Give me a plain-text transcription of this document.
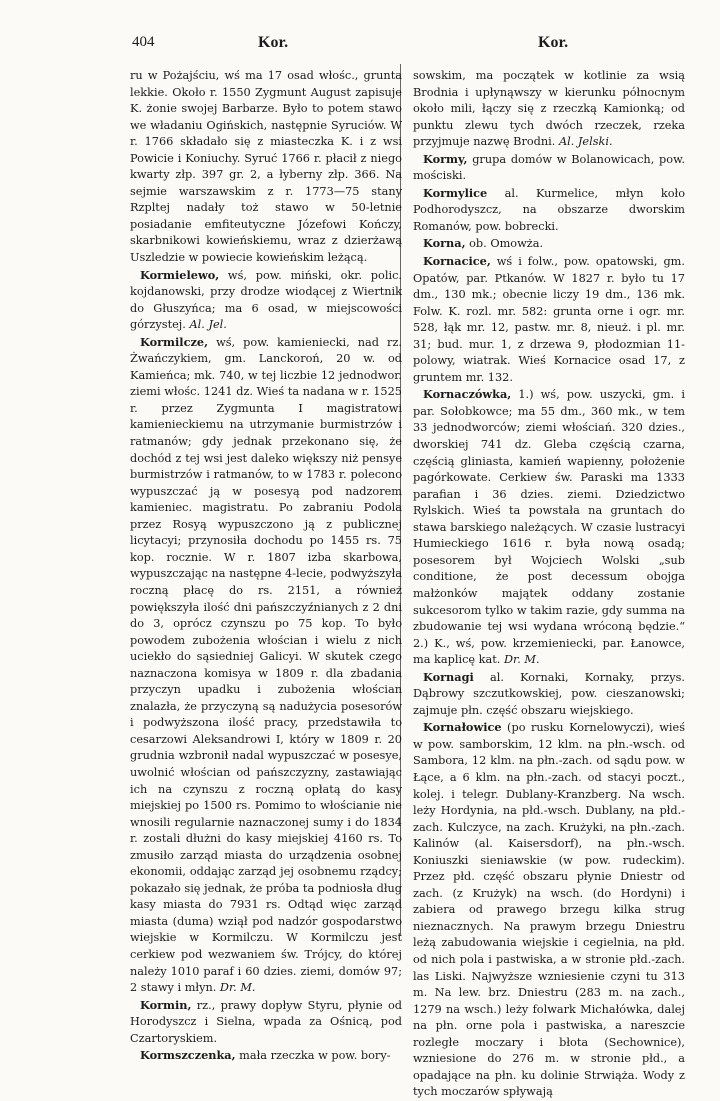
404	Kor.	Kor.

ru w Pożajściu, wś ma 17 osad włośc., grunta lekkie. Około r. 1550 Zygmunt August zapisuje K. żonie swojej Barbarze. Było to potem stawo we władaniu Ogińskich, następnie Syruciów. W r. 1766 składało się z miasteczka K. i z wsi Powicie i Koniuchy. Syruć 1766 r. płacił z niego kwarty złp. 397 gr. 2, a łyberny złp. 366. Na sejmie warszawskim z r. 1773—75 stany Rzpltej nadały toż stawo w 50-letnie posiadanie emfiteutyczne Józefowi Kończy, skarbnikowi kowieńskiemu, wraz z dzierżawą Uszledzie w powiecie kowieńskim leżącą.

Kormielewo, wś, pow. miński, okr. polic. kojdanowski, przy drodze wiodącej z Wiertnik do Głuszyńca; ma 6 osad, w miejscowości górzystej. Al. Jel.

Kormilcze, wś, pow. kamieniecki, nad rz. Żwańczykiem, gm. Lanckoroń, 20 w. od Kamieńca; mk. 740, w tej liczbie 12 jednodwor. ziemi włośc. 1241 dz. Wieś ta nadana w r. 1525 r. przez Zygmunta I magistratowi kamienieckiemu na utrzymanie burmistrzów i ratmanów; gdy jednak przekonano się, że dochód z tej wsi jest daleko większy niż pensye burmistrzów i ratmanów, to w 1783 r. polecono wypuszczać ją w posesyą pod nadzorem kamieniec. magistratu. Po zabraniu Podola przez Rosyą wypuszczono ją z publicznej licytacyi; przynosiła dochodu po 1455 rs. 75 kop. rocznie. W r. 1807 izba skarbowa, wypuszczając na następne 4-lecie, podwyższyła roczną płacę do rs. 2151, a również powiększyła ilość dni pańszczyźnianych z 2 dni do 3, oprócz czynszu po 75 kop. To było powodem zubożenia włościan i wielu z nich uciekło do sąsiedniej Galicyi. W skutek czego naznaczona komisya w 1809 r. dla zbadania przyczyn upadku i zubożenia włościan znalazła, że przyczyną są nadużycia posesorów i podwyższona ilość pracy, przedstawiła to cesarzowi Aleksandrowi I, który w 1809 r. 20 grudnia wzbronił nadal wypuszczać w posesye, uwolnić włościan od pańszczyzny, zastawiając ich na czynszu z roczną opłatą do kasy miejskiej po 1500 rs. Pomimo to włościanie nie wnosili regularnie naznaczonej sumy i do 1834 r. zostali dłużni do kasy miejskiej 4160 rs. To zmusiło zarząd miasta do urządzenia osobnej ekonomii, oddając zarząd jej osobnemu rządcy; pokazało się jednak, że próba ta podniosła dług kasy miasta do 7931 rs. Odtąd więc zarząd miasta (duma) wziął pod nadzór gospodarstwo wiejskie w Kormilczu. W Kormilczu jest cerkiew pod wezwaniem św. Trójcy, do której należy 1010 paraf i 60 dzies. ziemi, domów 97; 2 stawy i młyn. Dr. M.

Kormin, rz., prawy dopływ Styru, płynie od Horodyszcz i Sielna, wpada za Ośnicą, pod Czartoryskiem.

Kormszczenka, mała rzeczka w pow. bory-

sowskim, ma początek w kotlinie za wsią Brodnia i upłynąwszy w kierunku północnym około mili, łączy się z rzeczką Kamionką; od punktu zlewu tych dwóch rzeczek, rzeka przyjmuje nazwę Brodni. Al. Jelski.

Kormy, grupa domów w Bolanowicach, pow. mościski.

Kormylice al. Kurmelice, młyn koło Podhorodyszcz, na obszarze dworskim Romanów, pow. bobrecki.

Korna, ob. Omowża.

Kornacice, wś i folw., pow. opatowski, gm. Opatów, par. Ptkanów. W 1827 r. było tu 17 dm., 130 mk.; obecnie liczy 19 dm., 136 mk. Folw. K. rozl. mr. 582: grunta orne i ogr. mr. 528, łąk mr. 12, pastw. mr. 8, nieuż. i pl. mr. 31; bud. mur. 1, z drzewa 9, płodozmian 11-polowy, wiatrak. Wieś Kornacice osad 17, z gruntem mr. 132.

Kornaczówka, 1.) wś, pow. uszycki, gm. i par. Sołobkowce; ma 55 dm., 360 mk., w tem 33 jednodworców; ziemi włościań. 320 dzies., dworskiej 741 dz. Gleba częścią czarna, częścią gliniasta, kamień wapienny, położenie pagórkowate. Cerkiew św. Paraski ma 1333 parafian i 36 dzies. ziemi. Dziedzictwo Rylskich. Wieś ta powstała na gruntach do stawa barskiego należących. W czasie lustracyi Humieckiego 1616 r. była nową osadą; posesorem był Wojciech Wolski „sub conditione, że post decessum obojga małżonków majątek oddany zostanie sukcesorom tylko w takim razie, gdy summa na zbudowanie tej wsi wydana wróconą będzie.“ 2.) K., wś, pow. krzemieniecki, par. Łanowce, ma kaplicę kat. Dr. M.

Kornagi al. Kornaki, Kornaky, przys. Dąbrowy szczutkowskiej, pow. cieszanowski; zajmuje płn. część obszaru wiejskiego.

Kornałowice (po rusku Kornelowyczi), wieś w pow. samborskim, 12 klm. na płn.-wsch. od Sambora, 12 klm. na płn.-zach. od sądu pow. w Łące, a 6 klm. na płn.-zach. od stacyi poczt., kolej. i telegr. Dublany-Kranzberg. Na wsch. leży Hordynia, na płd.-wsch. Dublany, na płd.-zach. Kulczyce, na zach. Krużyki, na płn.-zach. Kalinów (al. Kaisersdorf), na płn.-wsch. Koniuszki sieniawskie (w pow. rudeckim). Przez płd. część obszaru płynie Dniestr od zach. (z Krużyk) na wsch. (do Hordyni) i zabiera od prawego brzegu kilka strug nieznacznych. Na prawym brzegu Dniestru leżą zabudowania wiejskie i cegielnia, na płd. od nich pola i pastwiska, a w stronie płd.-zach. las Liski. Najwyższe wzniesienie czyni tu 313 m. Na lew. brz. Dniestru (283 m. na zach., 1279 na wsch.) leży folwark Michałówka, dalej na płn. orne pola i pastwiska, a nareszcie rozległe moczary i błota (Sechownice), wzniesione do 276 m. w stronie płd., a opadające na płn. ku dolinie Strwiąża. Wody z tych moczarów spływają
